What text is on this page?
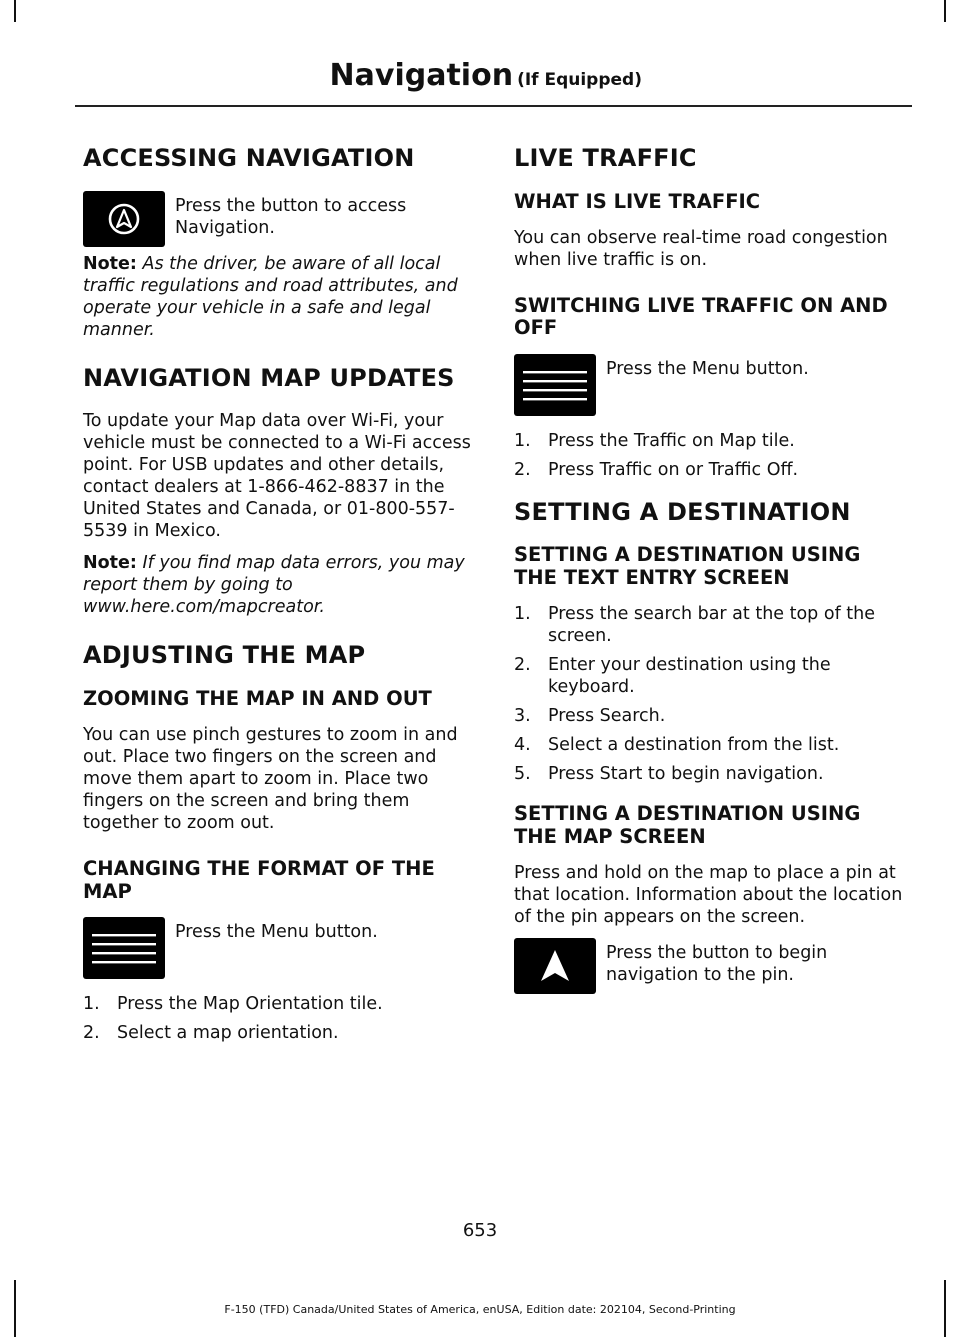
Navigation (If Equipped)
ACCESSING NAVIGATION
Press the button to access Navigation.

Note: As the driver, be aware of all local traffic regulations and road attributes, and operate your vehicle in a safe and legal manner.

NAVIGATION MAP UPDATES

To update your Map data over Wi-Fi, your vehicle must be connected to a Wi-Fi access point. For USB updates and other details, contact dealers at 1-866-462-8837 in the United States and Canada, or 01-800-557-5539 in Mexico.

Note: If you find map data errors, you may report them by going to www.here.com/mapcreator.

ADJUSTING THE MAP
ZOOMING THE MAP IN AND OUT

You can use pinch gestures to zoom in and out. Place two fingers on the screen and move them apart to zoom in. Place two fingers on the screen and bring them together to zoom out.

CHANGING THE FORMAT OF THE MAP
Press the Menu button.
1. Press the Map Orientation tile.
2. Select a map orientation.
LIVE TRAFFIC
WHAT IS LIVE TRAFFIC

You can observe real-time road congestion when live traffic is on.

SWITCHING LIVE TRAFFIC ON AND OFF
Press the Menu button.
1. Press the Traffic on Map tile.
2. Press Traffic on or Traffic Off.
SETTING A DESTINATION
SETTING A DESTINATION USING THE TEXT ENTRY SCREEN
1. Press the search bar at the top of the screen.
2. Enter your destination using the keyboard.
3. Press Search.
4. Select a destination from the list.
5. Press Start to begin navigation.
SETTING A DESTINATION USING THE MAP SCREEN

Press and hold on the map to place a pin at that location. Information about the location of the pin appears on the screen.

Press the button to begin navigation to the pin.
653
F-150 (TFD) Canada/United States of America, enUSA, Edition date: 202104, Second-Printing
